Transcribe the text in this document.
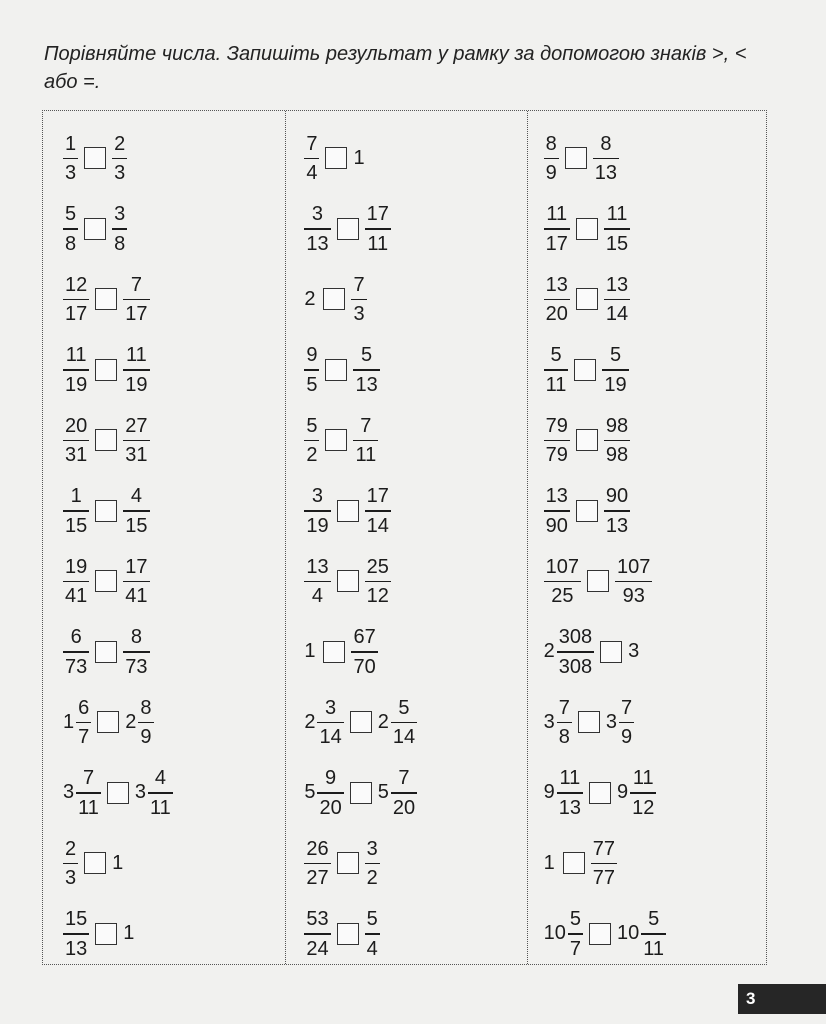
Порівняйте числа. Запишіть результат у рамку за допомогою знаків >, < або =.

$\frac{1}{3} \frac{2}{3}$
$\frac{5}{8} \frac{3}{8}$
$\frac{12}{17} \frac{7}{17}$
$\frac{11}{19} \frac{11}{19}$
$\frac{20}{31} \frac{27}{31}$
$\frac{1}{15} \frac{4}{15}$
$\frac{19}{41} \frac{17}{41}$
$\frac{6}{73} \frac{8}{73}$
$1 \frac{6}{7} 2 \frac{8}{9}$
$3 \frac{7}{11} 3 \frac{4}{11}$
$\frac{2}{3} 1$
$\frac{15}{13} 1$
$\frac{7}{4} 1$
$\frac{3}{13} \frac{17}{11}$
$2 \frac{7}{3}$
$\frac{9}{5} \frac{5}{13}$
$\frac{5}{2} \frac{7}{11}$
$\frac{3}{19} \frac{17}{14}$
$\frac{13}{4} \frac{25}{12}$
$1 \frac{67}{70}$
$2 \frac{3}{14} 2 \frac{5}{14}$
$5 \frac{9}{20} 5 \frac{7}{20}$
$\frac{26}{27} \frac{3}{2}$
$\frac{53}{24} \frac{5}{4}$
$\frac{8}{9} \frac{8}{13}$
$\frac{11}{17} \frac{11}{15}$
$\frac{13}{20} \frac{13}{14}$
$\frac{5}{11} \frac{5}{19}$
$\frac{79}{79} \frac{98}{98}$
$\frac{13}{90} \frac{90}{13}$
$\frac{107}{25} \frac{107}{93}$
$2 \frac{308}{308} 3$
$3 \frac{7}{8} 3 \frac{7}{9}$
$9 \frac{11}{13} 9 \frac{11}{12}$
$1 \frac{77}{77}$
$10 \frac{5}{7} 10 \frac{5}{11}$
3
